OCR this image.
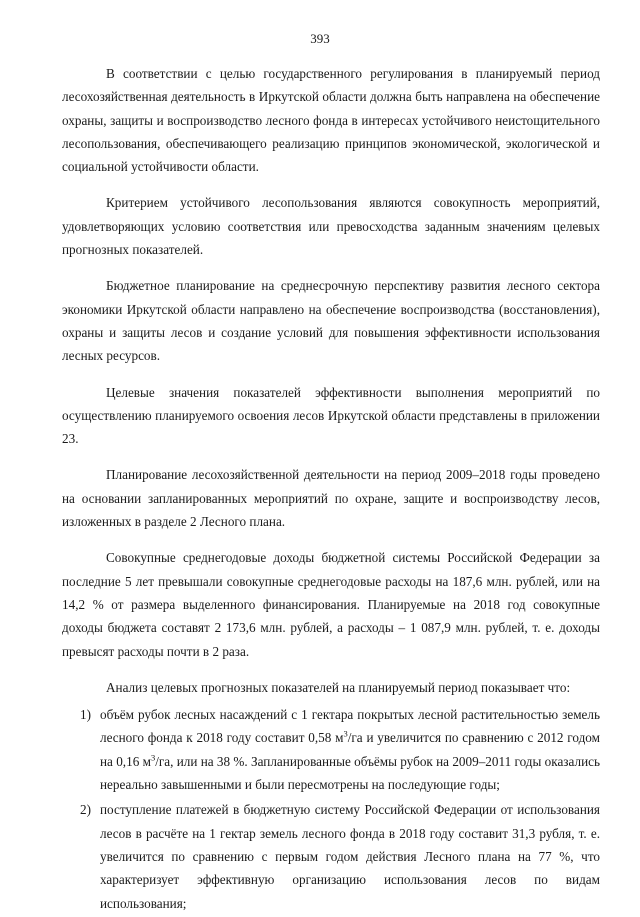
393

В соответствии с целью государственного регулирования в планируемый период лесохозяйственная деятельность в Иркутской области должна быть направлена на обеспечение охраны, защиты и воспроизводство лесного фонда в интересах устойчивого неистощительного лесопользования, обеспечивающего реализацию принципов экономической, экологической и социальной устойчивости области.

Критерием устойчивого лесопользования являются совокупность мероприятий, удовлетворяющих условию соответствия или превосходства заданным значениям целевых прогнозных показателей.

Бюджетное планирование на среднесрочную перспективу развития лесного сектора экономики Иркутской области направлено на обеспечение воспроизводства (восстановления), охраны и защиты лесов и создание условий для повышения эффективности использования лесных ресурсов.

Целевые значения показателей эффективности выполнения мероприятий по осуществлению планируемого освоения лесов Иркутской области представлены в приложении 23.

Планирование лесохозяйственной деятельности на период 2009–2018 годы проведено на основании запланированных мероприятий по охране, защите и воспроизводству лесов, изложенных в разделе 2 Лесного плана.

Совокупные среднегодовые доходы бюджетной системы Российской Федерации за последние 5 лет превышали совокупные среднегодовые расходы на 187,6 млн. рублей, или на 14,2 % от размера выделенного финансирования. Планируемые на 2018 год совокупные доходы бюджета составят 2 173,6 млн. рублей, а расходы – 1 087,9 млн. рублей, т. е. доходы превысят расходы почти в 2 раза.

Анализ целевых прогнозных показателей на планируемый период показывает что:

1) объём рубок лесных насаждений с 1 гектара покрытых лесной растительностью земель лесного фонда к 2018 году составит 0,58 $м^3/га$ и увеличится по сравнению с 2012 годом на 0,16 $м^3/га$, или на 38 %. Запланированные объёмы рубок на 2009–2011 годы оказались нереально завышенными и были пересмотрены на последующие годы;
2) поступление платежей в бюджетную систему Российской Федерации от использования лесов в расчёте на 1 гектар земель лесного фонда в 2018 году составит 31,3 рубля, т. е. увеличится по сравнению с первым годом действия Лесного плана на 77 %, что характеризует эффективную организацию использования лесов по видам использования;
